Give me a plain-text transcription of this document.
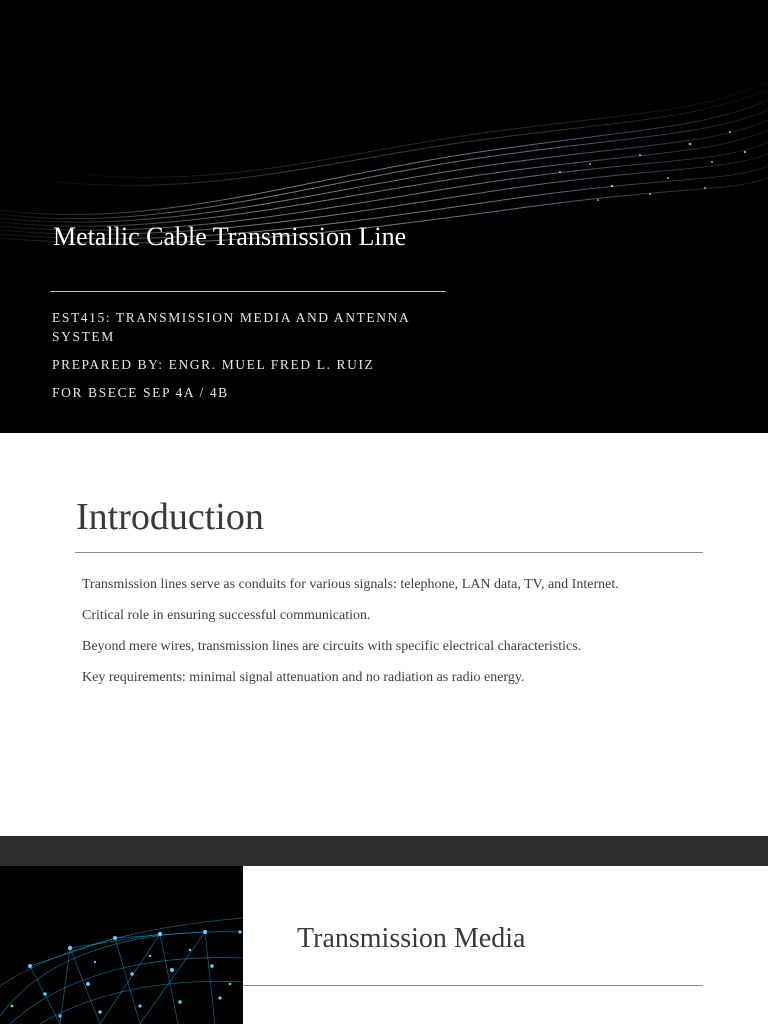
Metallic Cable Transmission Line

EST415: TRANSMISSION MEDIA AND ANTENNA SYSTEM

PREPARED BY: ENGR. MUEL FRED L. RUIZ

FOR BSECE SEP 4A / 4B

Introduction
Transmission lines serve as conduits for various signals: telephone, LAN data, TV, and Internet.
Critical role in ensuring successful communication.
Beyond mere wires, transmission lines are circuits with specific electrical characteristics.
Key requirements: minimal signal attenuation and no radiation as radio energy.
Transmission Media
